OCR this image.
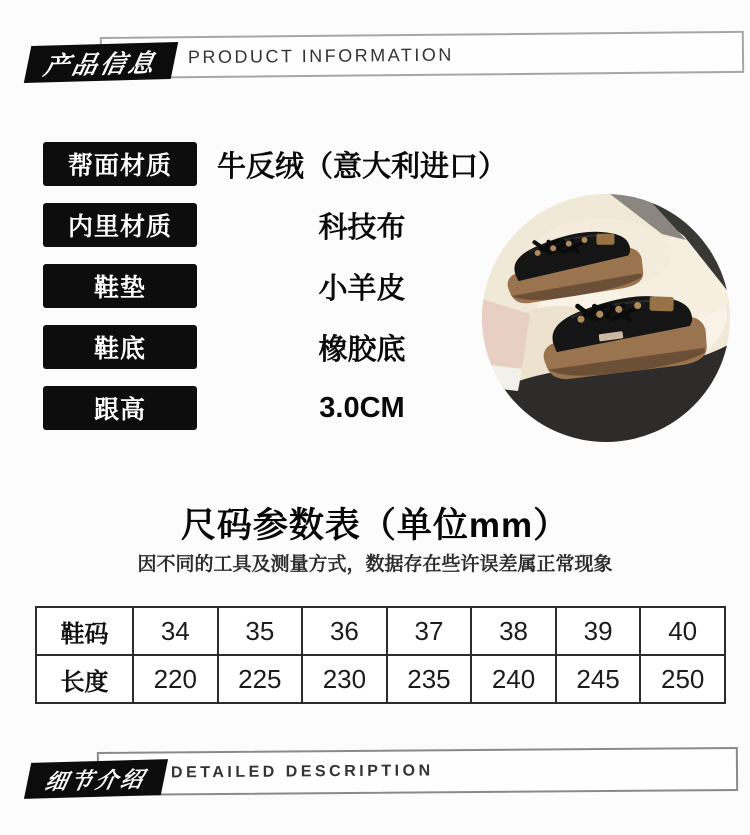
PRODUCT INFORMATION
产品信息
帮面材质	牛反绒（意大利进口）
内里材质	科技布
鞋垫	小羊皮
鞋底	橡胶底
跟高	3.0CM
尺码参数表（单位mm）
因不同的工具及测量方式，数据存在些许误差属正常现象
鞋码	34	35	36	37	38	39	40
长度	220	225	230	235	240	245	250
DETAILED DESCRIPTION
细节介绍
